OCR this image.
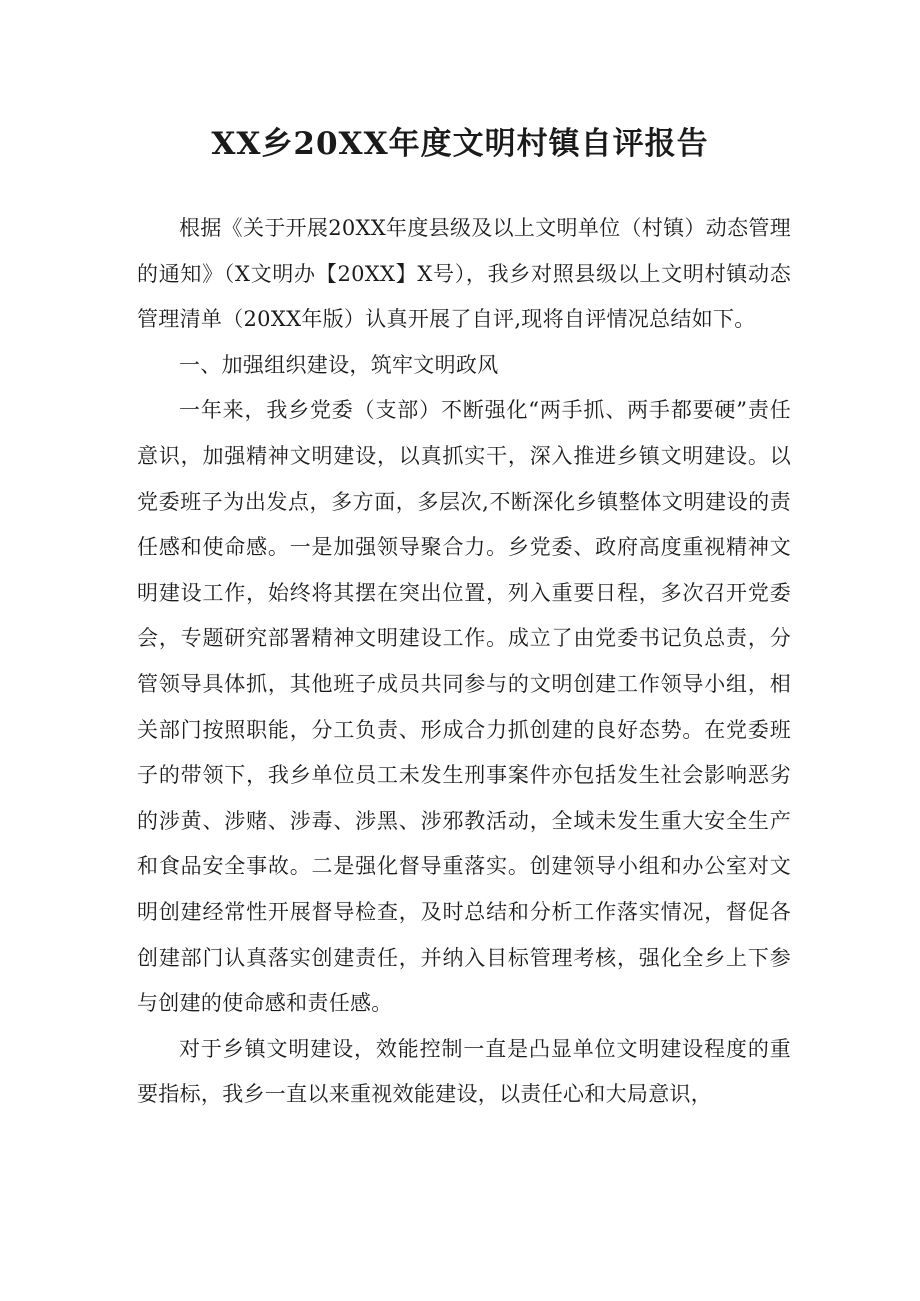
XX乡20XX年度文明村镇自评报告

根据《关于开展20XX年度县级及以上文明单位（村镇）动态管理的通知》（X文明办【20XX】X号），我乡对照县级以上文明村镇动态管理清单（20XX年版）认真开展了自评,现将自评情况总结如下。

一、加强组织建设，筑牢文明政风

一年来，我乡党委（支部）不断强化“两手抓、两手都要硬”责任意识，加强精神文明建设，以真抓实干，深入推进乡镇文明建设。以党委班子为出发点，多方面，多层次,不断深化乡镇整体文明建设的责任感和使命感。一是加强领导聚合力。乡党委、政府高度重视精神文明建设工作，始终将其摆在突出位置，列入重要日程，多次召开党委会，专题研究部署精神文明建设工作。成立了由党委书记负总责，分管领导具体抓，其他班子成员共同参与的文明创建工作领导小组，相关部门按照职能，分工负责、形成合力抓创建的良好态势。在党委班子的带领下，我乡单位员工未发生刑事案件亦包括发生社会影响恶劣的涉黄、涉赌、涉毒、涉黑、涉邪教活动，全域未发生重大安全生产和食品安全事故。二是强化督导重落实。创建领导小组和办公室对文明创建经常性开展督导检查，及时总结和分析工作落实情况，督促各创建部门认真落实创建责任，并纳入目标管理考核，强化全乡上下参与创建的使命感和责任感。

对于乡镇文明建设，效能控制一直是凸显单位文明建设程度的重要指标，我乡一直以来重视效能建设，以责任心和大局意识，
